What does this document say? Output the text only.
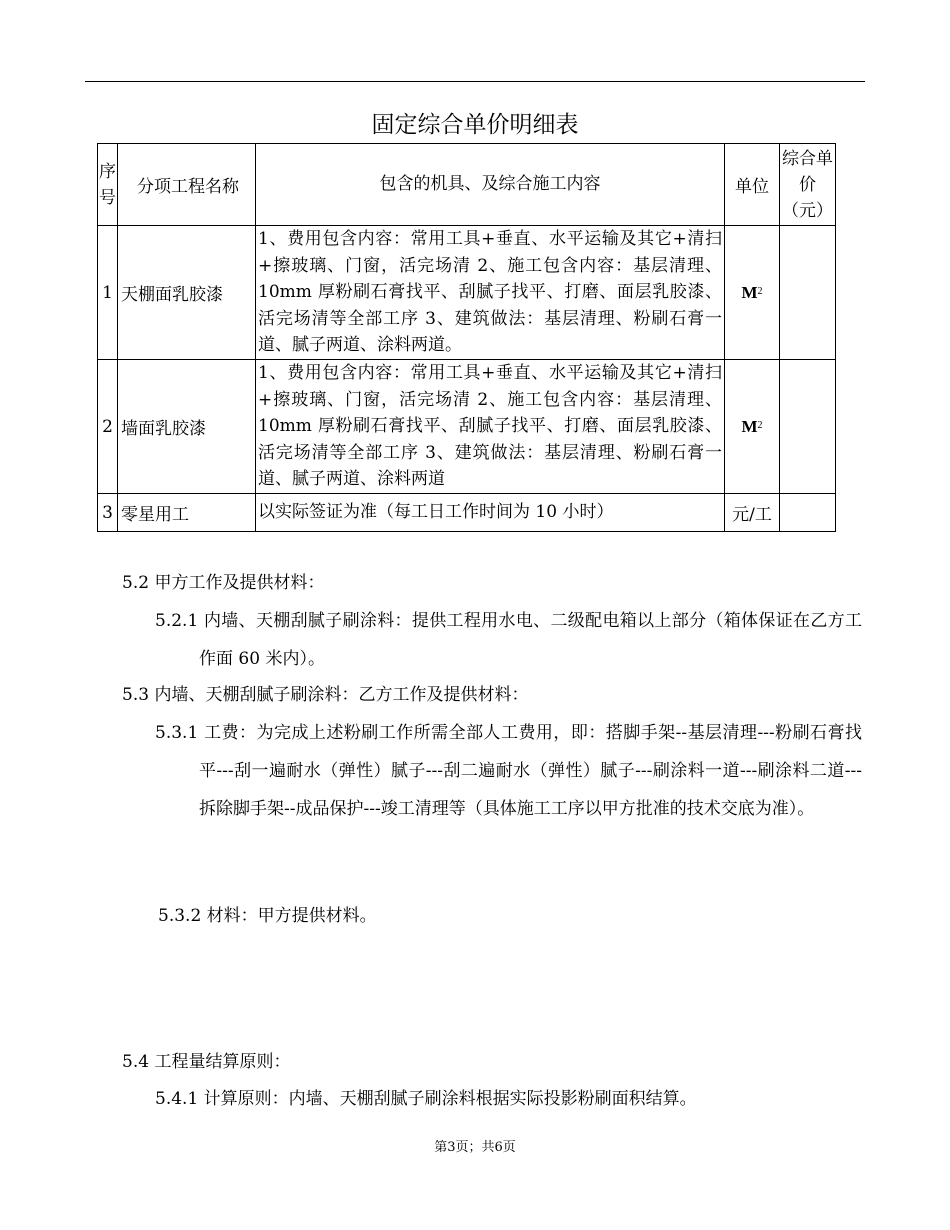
固定综合单价明细表
序号	分项工程名称	包含的机具、及综合施工内容	单位	综合单价（元）
1	天棚面乳胶漆	1、费用包含内容：常用工具+垂直、水平运输及其它+清扫+擦玻璃、门窗，活完场清 2、施工包含内容：基层清理、10mm 厚粉刷石膏找平、刮腻子找平、打磨、面层乳胶漆、活完场清等全部工序 3、建筑做法：基层清理、粉刷石膏一道、腻子两道、涂料两道。	$M^2$	
2	墙面乳胶漆	1、费用包含内容：常用工具+垂直、水平运输及其它+清扫+擦玻璃、门窗，活完场清 2、施工包含内容：基层清理、10mm 厚粉刷石膏找平、刮腻子找平、打磨、面层乳胶漆、活完场清等全部工序 3、建筑做法：基层清理、粉刷石膏一道、腻子两道、涂料两道	$M^2$	
3	零星用工	以实际签证为准（每工日工作时间为 10 小时）	元/工	
5.2 甲方工作及提供材料：
5.2.1 内墙、天棚刮腻子刷涂料：提供工程用水电、二级配电箱以上部分（箱体保证在乙方工作面 60 米内）。
5.3 内墙、天棚刮腻子刷涂料：乙方工作及提供材料：
5.3.1 工费：为完成上述粉刷工作所需全部人工费用，即：搭脚手架--基层清理---粉刷石膏找平---刮一遍耐水（弹性）腻子---刮二遍耐水（弹性）腻子---刷涂料一道---刷涂料二道---拆除脚手架--成品保护---竣工清理等（具体施工工序以甲方批准的技术交底为准）。
5.3.2 材料：甲方提供材料。
5.4 工程量结算原则：
5.4.1 计算原则：内墙、天棚刮腻子刷涂料根据实际投影粉刷面积结算。
第3页；共6页
